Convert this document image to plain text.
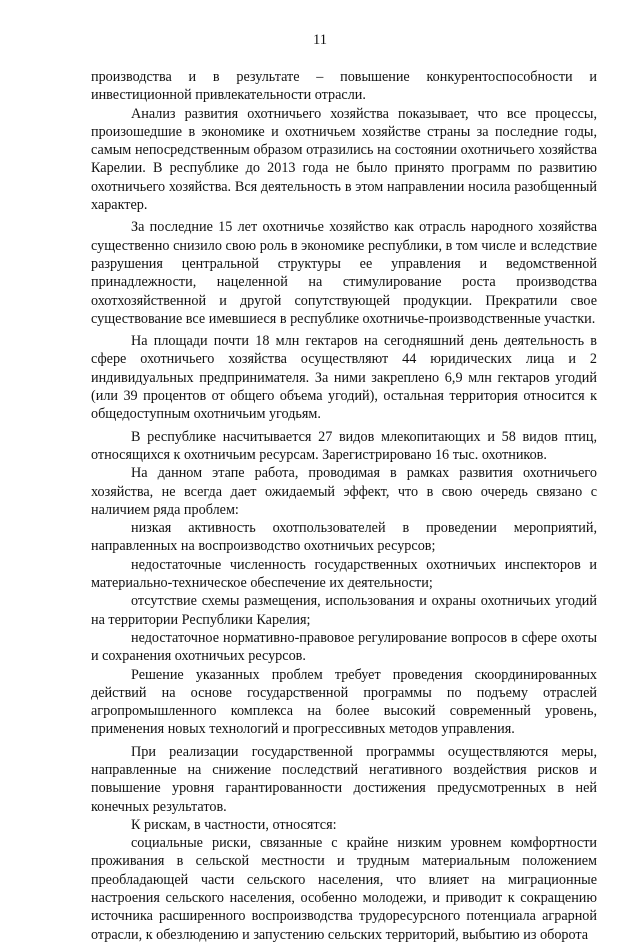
11

производства и в результате – повышение конкурентоспособности и инвестиционной привлекательности отрасли.

Анализ развития охотничьего хозяйства показывает, что все процессы, произошедшие в экономике и охотничьем хозяйстве страны за последние годы, самым непосредственным образом отразились на состоянии охотничьего хозяйства Карелии. В республике до 2013 года не было принято программ по развитию охотничьего хозяйства. Вся деятельность в этом направлении носила разобщенный характер.

За последние 15 лет охотничье хозяйство как отрасль народного хозяйства существенно снизило свою роль в экономике республики, в том числе и вследствие разрушения центральной структуры ее управления и ведомственной принадлежности, нацеленной на стимулирование роста производства охотхозяйственной и другой сопутствующей продукции. Прекратили свое существование все имевшиеся в республике охотничье-производственные участки.

На площади почти 18 млн гектаров на сегодняшний день деятельность в сфере охотничьего хозяйства осуществляют 44 юридических лица и 2 индивидуальных предпринимателя. За ними закреплено 6,9 млн гектаров угодий (или 39 процентов от общего объема угодий), остальная территория относится к общедоступным охотничьим угодьям.

В республике насчитывается 27 видов млекопитающих и 58 видов птиц, относящихся к охотничьим ресурсам. Зарегистрировано 16 тыс. охотников.

На данном этапе работа, проводимая в рамках развития охотничьего хозяйства, не всегда дает ожидаемый эффект, что в свою очередь связано с наличием ряда проблем:

низкая активность охотпользователей в проведении мероприятий, направленных на воспроизводство охотничьих ресурсов;

недостаточные численность государственных охотничьих инспекторов и материально-техническое обеспечение их деятельности;

отсутствие схемы размещения, использования и охраны охотничьих угодий на территории Республики Карелия;

недостаточное нормативно-правовое регулирование вопросов в сфере охоты и сохранения охотничьих ресурсов.

Решение указанных проблем требует проведения скоординированных действий на основе государственной программы по подъему отраслей агропромышленного комплекса на более высокий современный уровень, применения новых технологий и прогрессивных методов управления.

При реализации государственной программы осуществляются меры, направленные на снижение последствий негативного воздействия рисков и повышение уровня гарантированности достижения предусмотренных в ней конечных результатов.

К рискам, в частности, относятся:

социальные риски, связанные с крайне низким уровнем комфортности проживания в сельской местности и трудным материальным положением преобладающей части сельского населения, что влияет на миграционные настроения сельского населения, особенно молодежи, и приводит к сокращению источника расширенного воспроизводства трудоресурсного потенциала аграрной отрасли, к обезлюдению и запустению сельских территорий, выбытию из оборота
